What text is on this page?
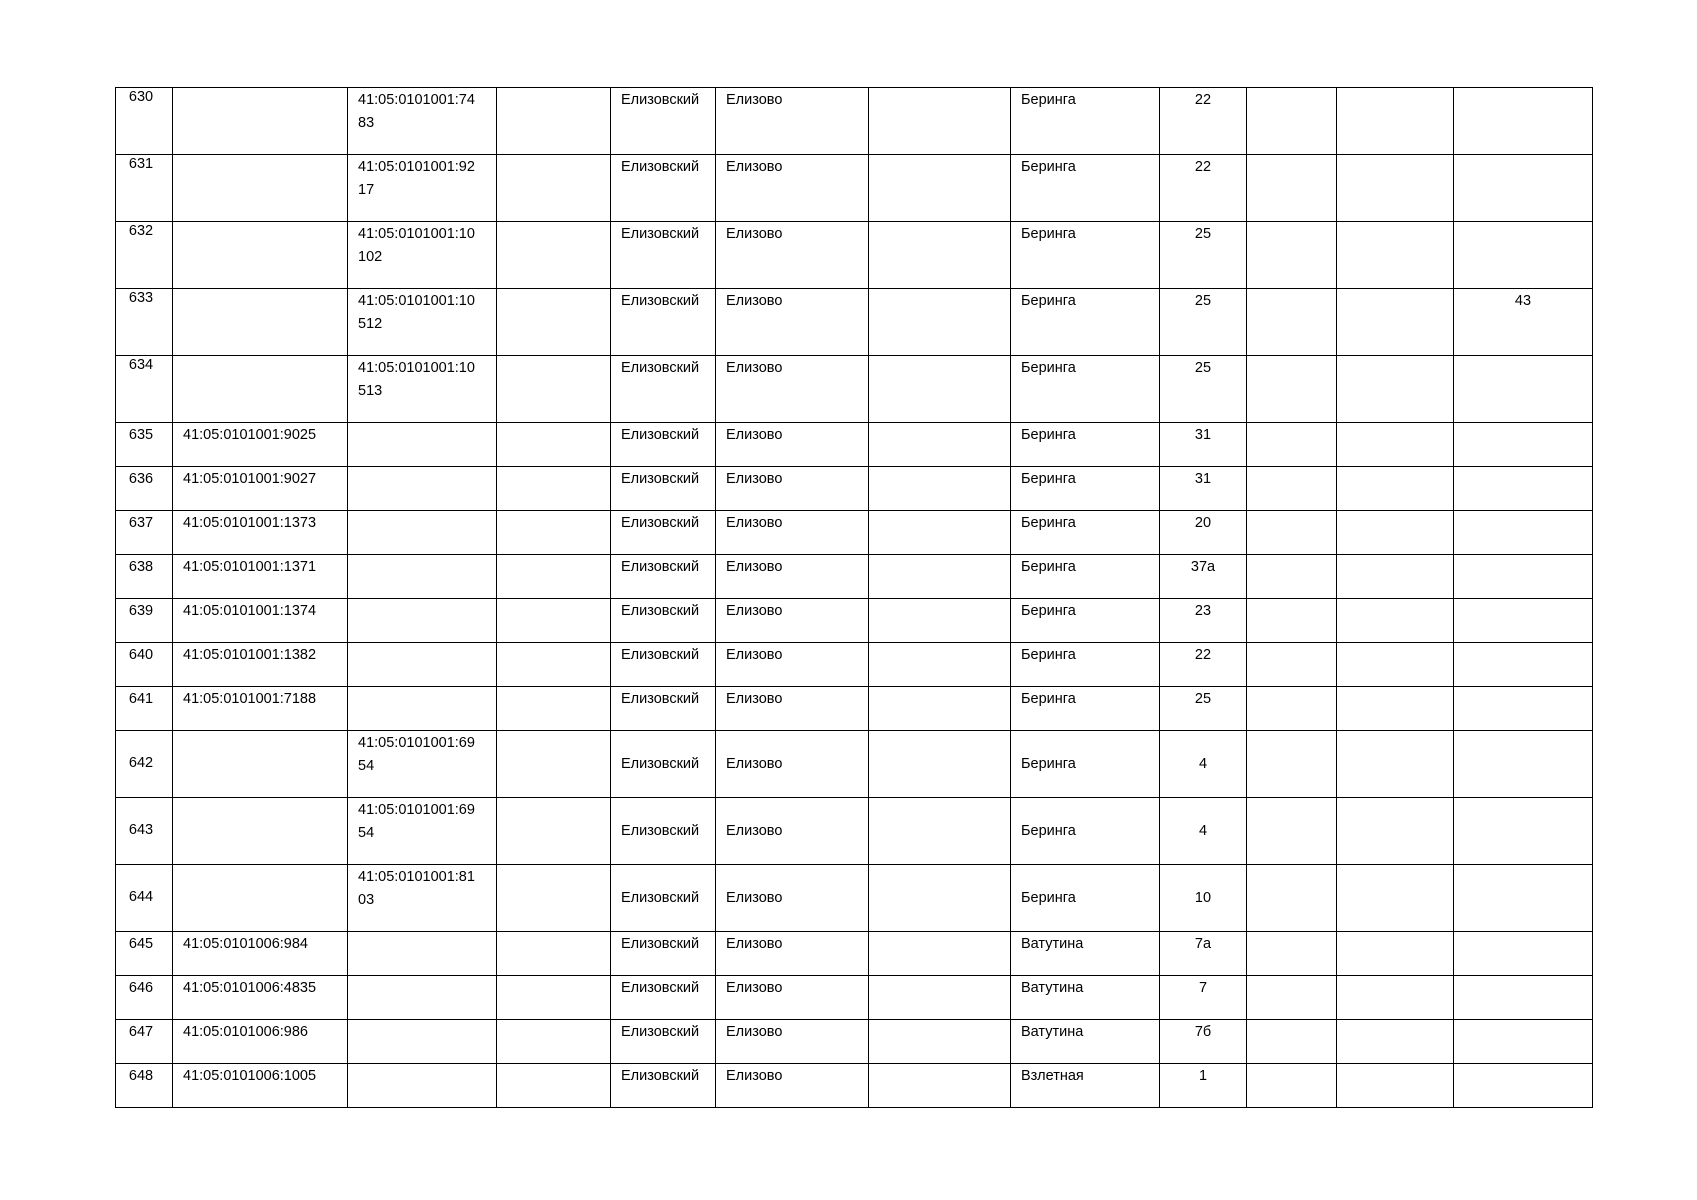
630		41:05:0101001:7483		Елизовский	Елизово		Беринга	22			

631		41:05:0101001:9217		Елизовский	Елизово		Беринга	22			

632		41:05:0101001:10102		Елизовский	Елизово		Беринга	25			

633		41:05:0101001:10512		Елизовский	Елизово		Беринга	25			43

634		41:05:0101001:10513		Елизовский	Елизово		Беринга	25			

635	41:05:0101001:9025			Елизовский	Елизово		Беринга	31			

636	41:05:0101001:9027			Елизовский	Елизово		Беринга	31			

637	41:05:0101001:1373			Елизовский	Елизово		Беринга	20			

638	41:05:0101001:1371			Елизовский	Елизово		Беринга	37а			

639	41:05:0101001:1374			Елизовский	Елизово		Беринга	23			

640	41:05:0101001:1382			Елизовский	Елизово		Беринга	22			

641	41:05:0101001:7188			Елизовский	Елизово		Беринга	25			

642		41:05:0101001:6954		Елизовский	Елизово		Беринга	4			

643		41:05:0101001:6954		Елизовский	Елизово		Беринга	4			

644		41:05:0101001:8103		Елизовский	Елизово		Беринга	10			

645	41:05:0101006:984			Елизовский	Елизово		Ватутина	7а			

646	41:05:0101006:4835			Елизовский	Елизово		Ватутина	7			

647	41:05:0101006:986			Елизовский	Елизово		Ватутина	7б			

648	41:05:0101006:1005			Елизовский	Елизово		Взлетная	1			
